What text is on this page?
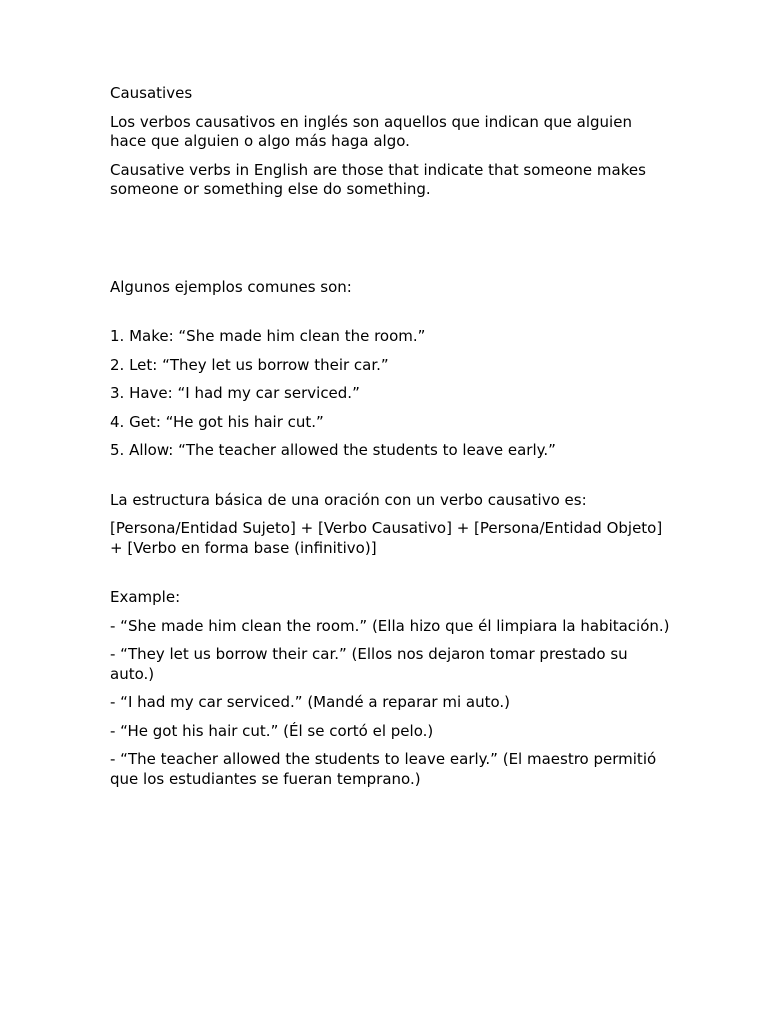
Causatives

Los verbos causativos en inglés son aquellos que indican que alguien hace que alguien o algo más haga algo.

Causative verbs in English are those that indicate that someone makes someone or something else do something.

Algunos ejemplos comunes son:

1. Make: “She made him clean the room.”

2. Let: “They let us borrow their car.”

3. Have: “I had my car serviced.”

4. Get: “He got his hair cut.”

5. Allow: “The teacher allowed the students to leave early.”

La estructura básica de una oración con un verbo causativo es:

[Persona/Entidad Sujeto] + [Verbo Causativo] + [Persona/Entidad Objeto] + [Verbo en forma base (infinitivo)]

Example:

- “She made him clean the room.” (Ella hizo que él limpiara la habitación.)

- “They let us borrow their car.” (Ellos nos dejaron tomar prestado su auto.)

- “I had my car serviced.” (Mandé a reparar mi auto.)

- “He got his hair cut.” (Él se cortó el pelo.)

- “The teacher allowed the students to leave early.” (El maestro permitió que los estudiantes se fueran temprano.)
